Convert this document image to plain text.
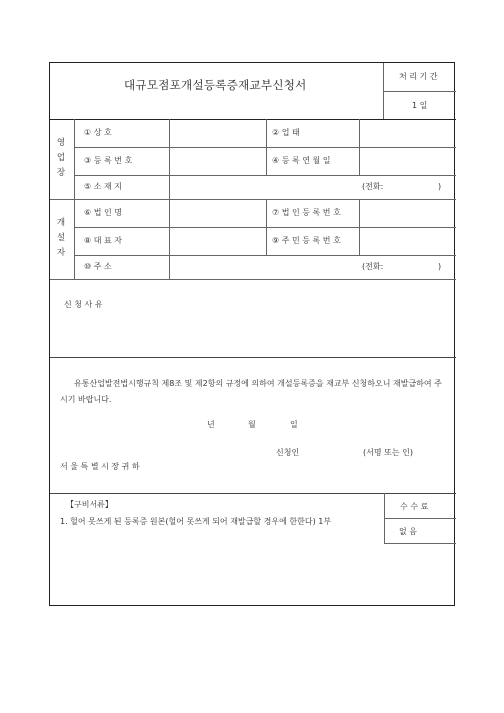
대규모점포개설등록증재교부신청서
처 리 기 간
1 일
영 업 장
① 상 호	② 업 태
③ 등 록 번 호	④ 등 록 연 월 일
⑤ 소 재 지	(전화:	)
개 설 자
⑥ 법 인 명	⑦ 법 인 등 록 번 호
⑧ 대 표 자	⑨ 주 민 등 록 번 호
⑩ 주 소	(전화:	)
신 청 사 유
유통산업발전법시행규칙 제8조 및 제2항의 규정에 의하여 개설등록증을 재교부 신청하오니 재발급하여 주시기 바랍니다.
년	월	일
신청인	(서명 또는 인)
서 울 특 별 시 장 귀 하
【구비서류】
1. 헐어 못쓰게 된 등록증 원본(헐어 못쓰게 되어 재발급할 경우에 한한다) 1부
수 수 료
없 음
